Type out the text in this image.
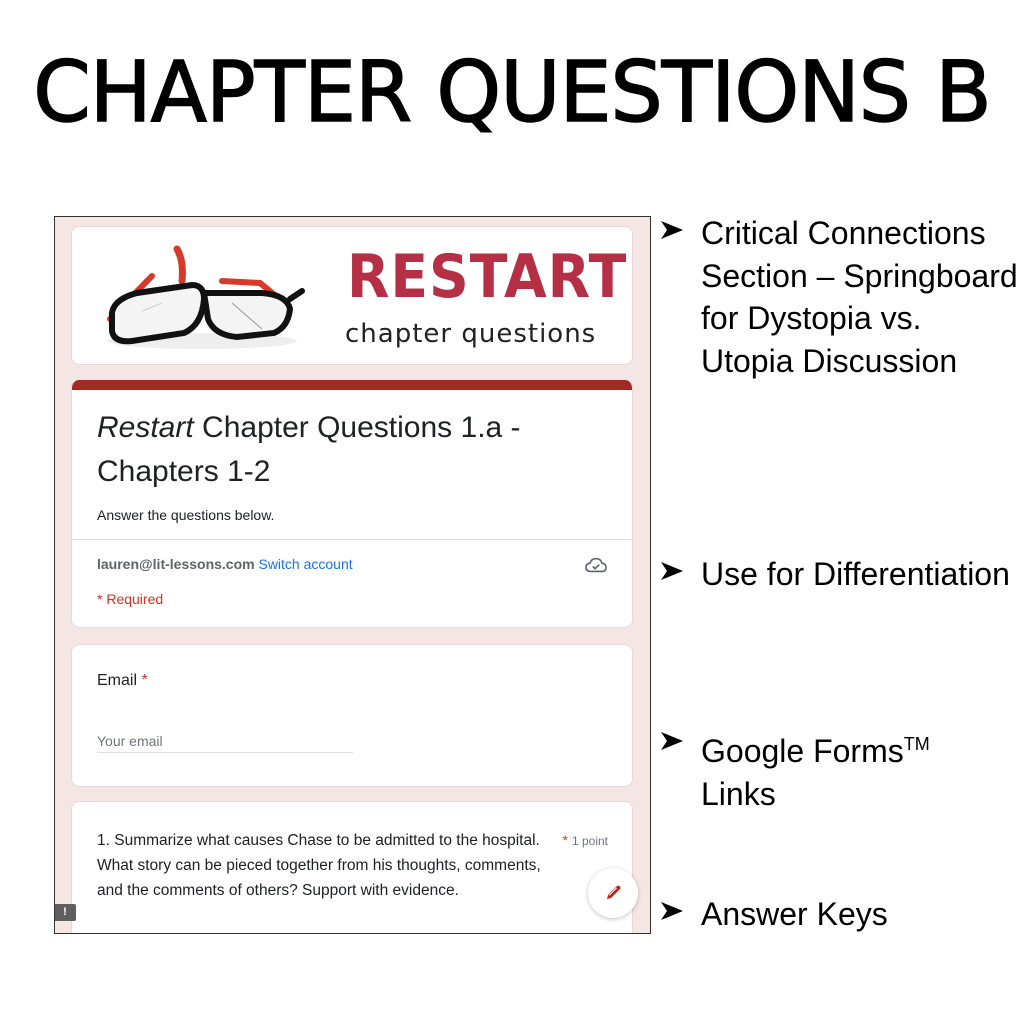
CHAPTER QUESTIONS B
RESTART
chapter questions
Restart Chapter Questions 1.a - Chapters 1-2
Answer the questions below.
lauren@lit-lessons.com Switch account
* Required
Email *
Your email
1. Summarize what causes Chase to be admitted to the hospital. What story can be pieced together from his thoughts, comments, and the comments of others? Support with evidence.
* 1 point
!
Critical Connections Section – Springboard for Dystopia vs. Utopia Discussion
Use for Differentiation
Google Forms™
Links
Answer Keys
